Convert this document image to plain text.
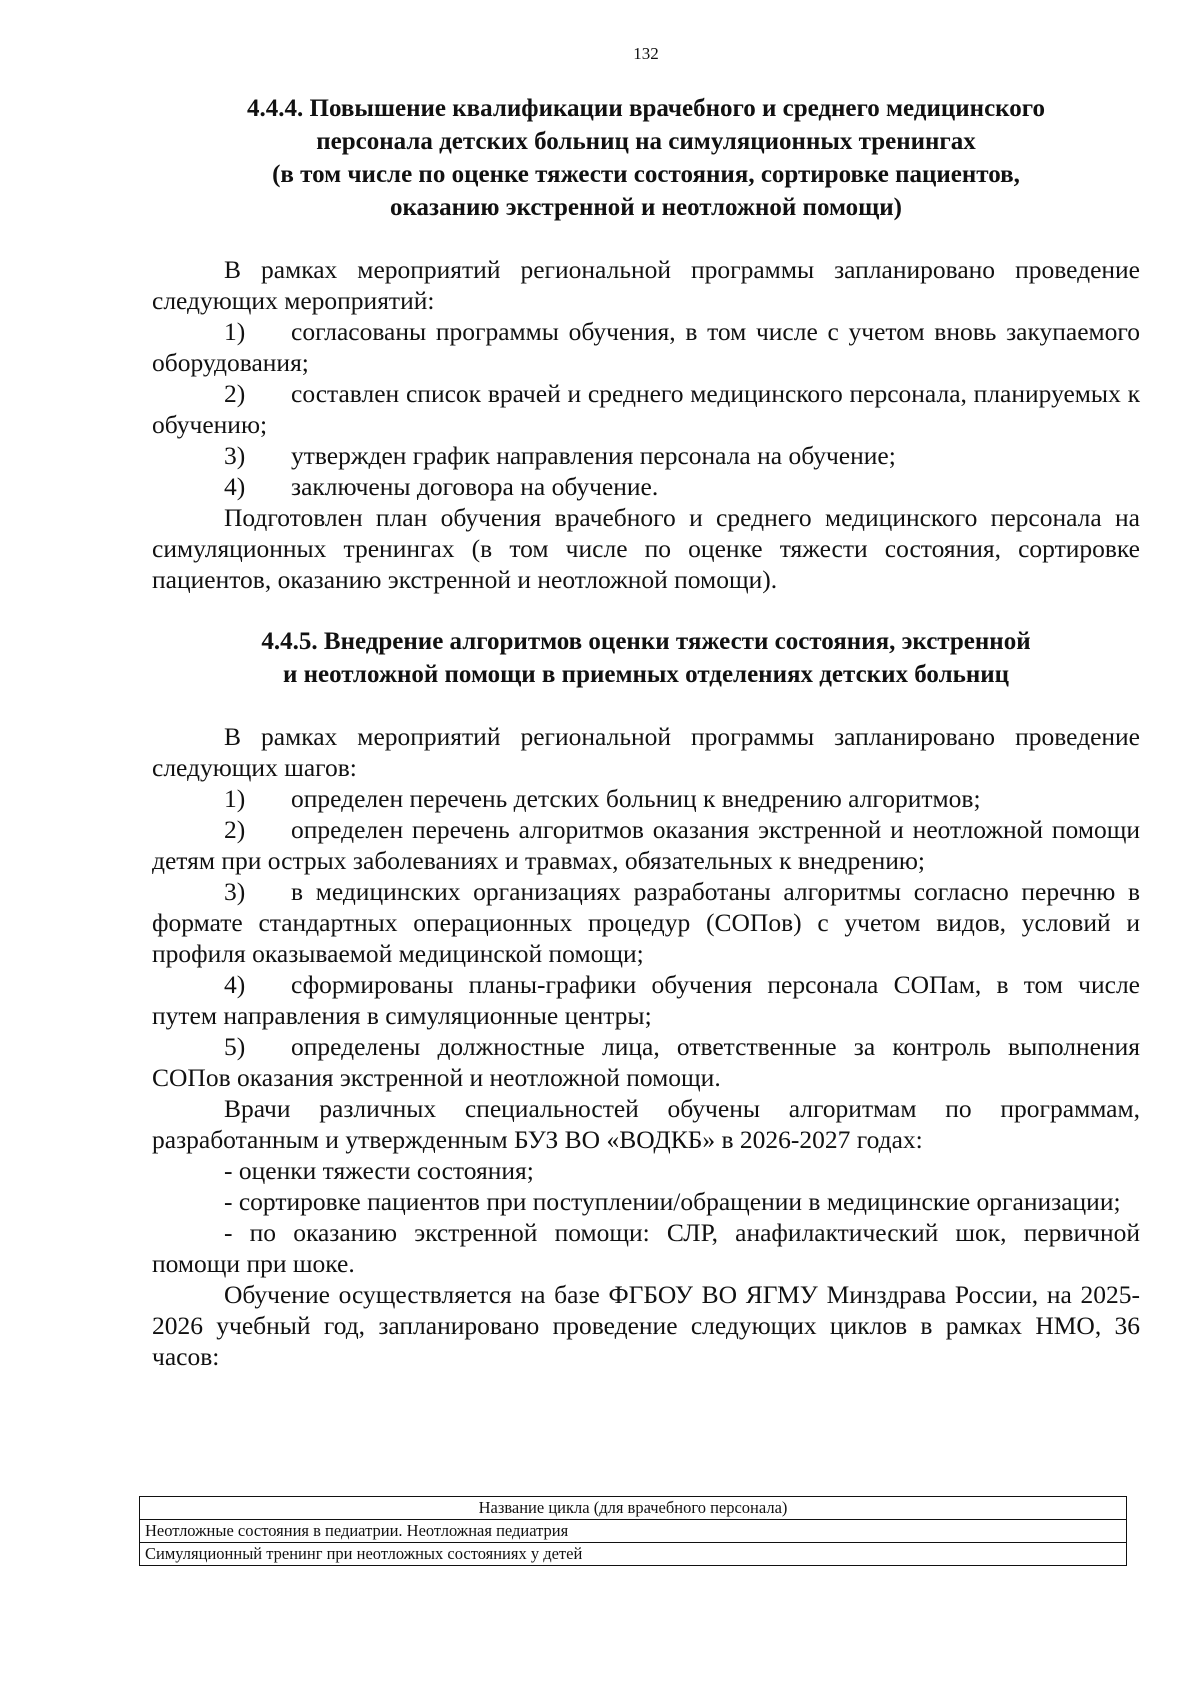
132
4.4.4. Повышение квалификации врачебного и среднего медицинского
персонала детских больниц на симуляционных тренингах
(в том числе по оценке тяжести состояния, сортировке пациентов,
оказанию экстренной и неотложной помощи)

В рамках мероприятий региональной программы запланировано проведение следующих мероприятий:

1) согласованы программы обучения, в том числе с учетом вновь закупаемого оборудования;

2) составлен список врачей и среднего медицинского персонала, планируемых к обучению;

3) утвержден график направления персонала на обучение;

4) заключены договора на обучение.

Подготовлен план обучения врачебного и среднего медицинского персонала на симуляционных тренингах (в том числе по оценке тяжести состояния, сортировке пациентов, оказанию экстренной и неотложной помощи).

4.4.5. Внедрение алгоритмов оценки тяжести состояния, экстренной
и неотложной помощи в приемных отделениях детских больниц

В рамках мероприятий региональной программы запланировано проведение следующих шагов:

1) определен перечень детских больниц к внедрению алгоритмов;

2) определен перечень алгоритмов оказания экстренной и неотложной помощи детям при острых заболеваниях и травмах, обязательных к внедрению;

3) в медицинских организациях разработаны алгоритмы согласно перечню в формате стандартных операционных процедур (СОПов) с учетом видов, условий и профиля оказываемой медицинской помощи;

4) сформированы планы-графики обучения персонала СОПам, в том числе путем направления в симуляционные центры;

5) определены должностные лица, ответственные за контроль выполнения СОПов оказания экстренной и неотложной помощи.

Врачи различных специальностей обучены алгоритмам по программам, разработанным и утвержденным БУЗ ВО «ВОДКБ» в 2026-2027 годах:

- оценки тяжести состояния;

- сортировке пациентов при поступлении/обращении в медицинские организации;

- по оказанию экстренной помощи: СЛР, анафилактический шок, первичной помощи при шоке.

Обучение осуществляется на базе ФГБОУ ВО ЯГМУ Минздрава России, на 2025-2026 учебный год, запланировано проведение следующих циклов в рамках НМО, 36 часов:

Название цикла (для врачебного персонала)
Неотложные состояния в педиатрии. Неотложная педиатрия
Симуляционный тренинг при неотложных состояниях у детей
